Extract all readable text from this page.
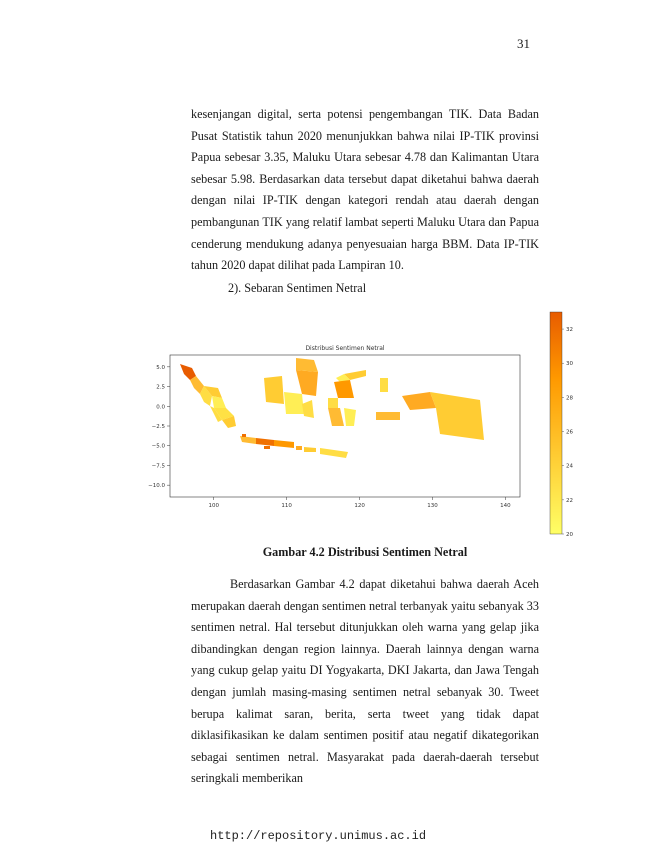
31
kesenjangan digital, serta potensi pengembangan TIK. Data Badan Pusat Statistik tahun 2020 menunjukkan bahwa nilai IP-TIK provinsi Papua sebesar 3.35, Maluku Utara sebesar 4.78 dan Kalimantan Utara sebesar 5.98. Berdasarkan data tersebut dapat diketahui bahwa daerah dengan nilai IP-TIK dengan kategori rendah atau daerah dengan pembangunan TIK yang relatif lambat seperti Maluku Utara dan Papua cenderung mendukung adanya penyesuaian harga BBM. Data IP-TIK tahun 2020 dapat dilihat pada Lampiran 10.
2). Sebaran Sentimen Netral
Distribusi Sentimen Netral
100	110	120	130	140
5.0
2.5
0.0
−2.5
−5.0
−7.5
−10.0
32
30
28
26
24
22
20
Gambar 4.2 Distribusi Sentimen Netral
Berdasarkan Gambar 4.2 dapat diketahui bahwa daerah Aceh merupakan daerah dengan sentimen netral terbanyak yaitu sebanyak 33 sentimen netral. Hal tersebut ditunjukkan oleh warna yang gelap jika dibandingkan dengan region lainnya. Daerah lainnya dengan warna yang cukup gelap yaitu DI Yogyakarta, DKI Jakarta, dan Jawa Tengah dengan jumlah masing-masing sentimen netral sebanyak 30. Tweet berupa kalimat saran, berita, serta tweet yang tidak dapat diklasifikasikan ke dalam sentimen positif atau negatif dikategorikan sebagai sentimen netral. Masyarakat pada daerah-daerah tersebut seringkali memberikan
http://repository.unimus.ac.id
